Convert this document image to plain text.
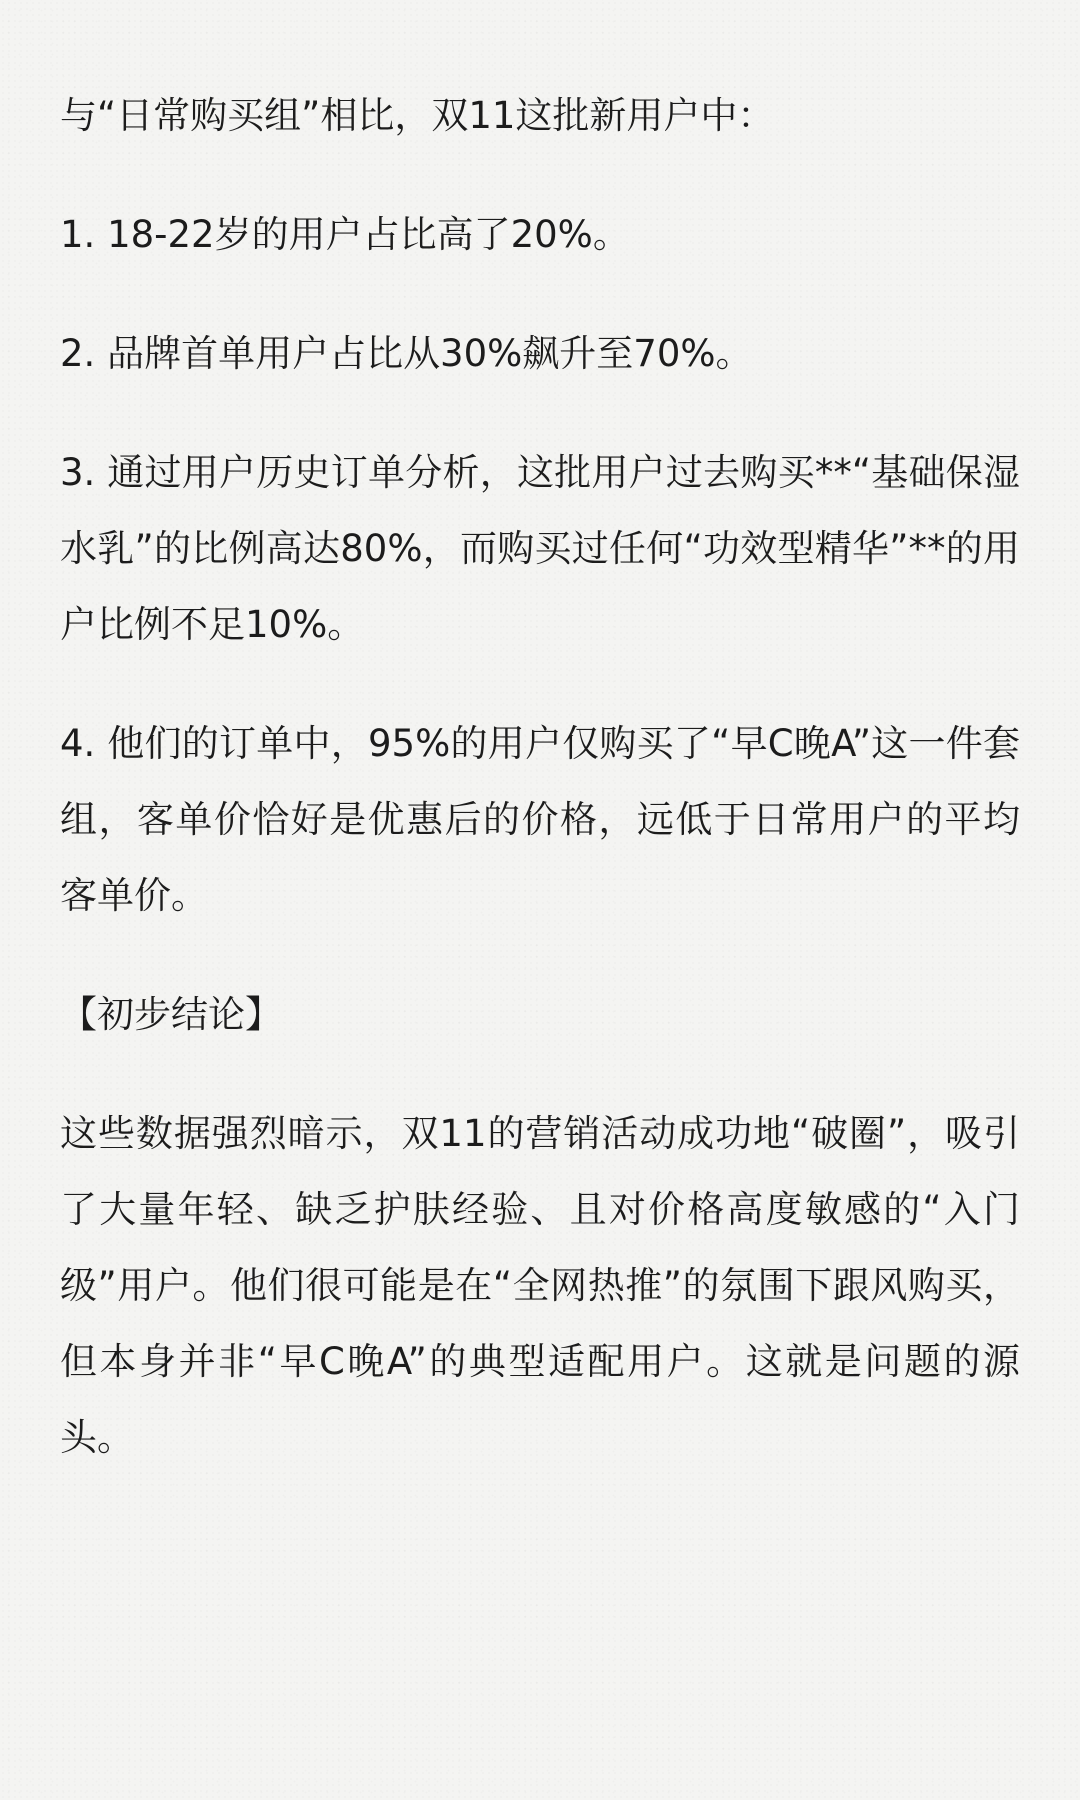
与“日常购买组”相比，双11这批新用户中：

1. 18-22岁的用户占比高了20%。

2. 品牌首单用户占比从30%飙升至70%。

3. 通过用户历史订单分析，这批用户过去购买**“基础保湿水乳”的比例高达80%，而购买过任何“功效型精华”**的用户比例不足10%。

4. 他们的订单中，95%的用户仅购买了“早C晚A”这一件套组，客单价恰好是优惠后的价格，远低于日常用户的平均客单价。

【初步结论】

这些数据强烈暗示，双11的营销活动成功地“破圈”，吸引了大量年轻、缺乏护肤经验、且对价格高度敏感的“入门级”用户。他们很可能是在“全网热推”的氛围下跟风购买，但本身并非“早C晚A”的典型适配用户。这就是问题的源头。
